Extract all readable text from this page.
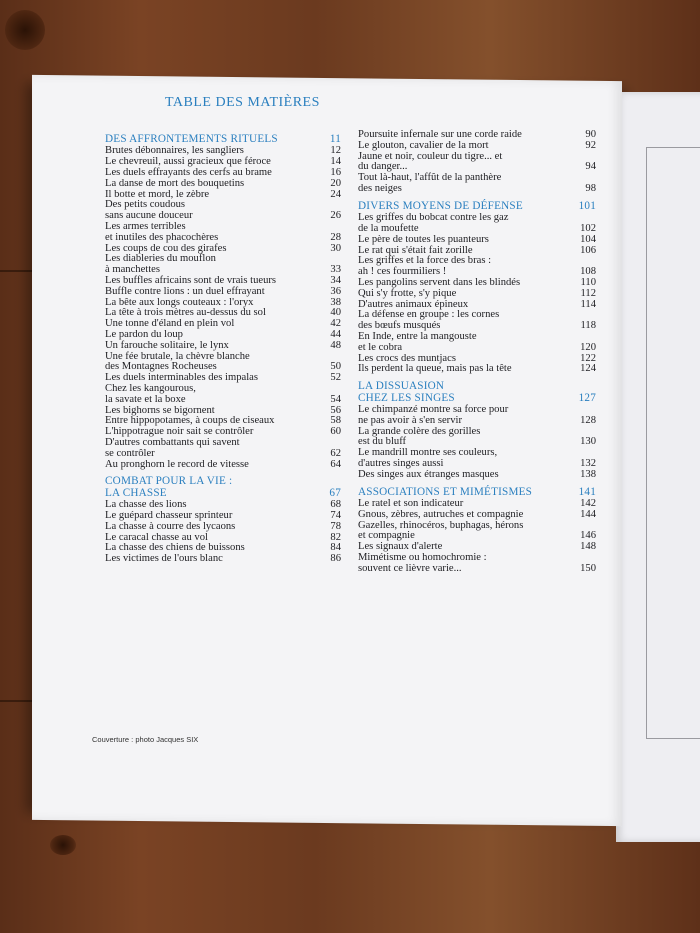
TABLE DES MATIÈRES
DES AFFRONTEMENTS RITUELS	11
Brutes débonnaires, les sangliers	12
Le chevreuil, aussi gracieux que féroce	14
Les duels effrayants des cerfs au brame	16
La danse de mort des bouquetins	20
Il botte et mord, le zèbre	24
Des petits coudous
sans aucune douceur	26
Les armes terribles
et inutiles des phacochères	28
Les coups de cou des girafes	30
Les diableries du mouflon
à manchettes	33
Les buffles africains sont de vrais tueurs	34
Buffle contre lions : un duel effrayant	36
La bête aux longs couteaux : l'oryx	38
La tête à trois mètres au-dessus du sol	40
Une tonne d'éland en plein vol	42
Le pardon du loup	44
Un farouche solitaire, le lynx	48
Une fée brutale, la chèvre blanche
des Montagnes Rocheuses	50
Les duels interminables des impalas	52
Chez les kangourous,
la savate et la boxe	54
Les bighorns se bigornent	56
Entre hippopotames, à coups de ciseaux	58
L'hippotrague noir sait se contrôler	60
D'autres combattants qui savent
se contrôler	62
Au pronghorn le record de vitesse	64
COMBAT POUR LA VIE :
LA CHASSE	67
La chasse des lions	68
Le guépard chasseur sprinteur	74
La chasse à courre des lycaons	78
Le caracal chasse au vol	82
La chasse des chiens de buissons	84
Les victimes de l'ours blanc	86
Poursuite infernale sur une corde raide	90
Le glouton, cavalier de la mort	92
Jaune et noir, couleur du tigre... et
du danger...	94
Tout là-haut, l'affût de la panthère
des neiges	98
DIVERS MOYENS DE DÉFENSE	101
Les griffes du bobcat contre les gaz
de la moufette	102
Le père de toutes les puanteurs	104
Le rat qui s'était fait zorille	106
Les griffes et la force des bras :
ah ! ces fourmiliers !	108
Les pangolins servent dans les blindés	110
Qui s'y frotte, s'y pique	112
D'autres animaux épineux	114
La défense en groupe : les cornes
des bœufs musqués	118
En Inde, entre la mangouste
et le cobra	120
Les crocs des muntjacs	122
Ils perdent la queue, mais pas la tête	124
LA DISSUASION
CHEZ LES SINGES	127
Le chimpanzé montre sa force pour
ne pas avoir à s'en servir	128
La grande colère des gorilles
est du bluff	130
Le mandrill montre ses couleurs,
d'autres singes aussi	132
Des singes aux étranges masques	138
ASSOCIATIONS ET MIMÉTISMES	141
Le ratel et son indicateur	142
Gnous, zèbres, autruches et compagnie	144
Gazelles, rhinocéros, buphagas, hérons
et compagnie	146
Les signaux d'alerte	148
Mimétisme ou homochromie :
souvent ce lièvre varie...	150
Couverture : photo Jacques SIX
